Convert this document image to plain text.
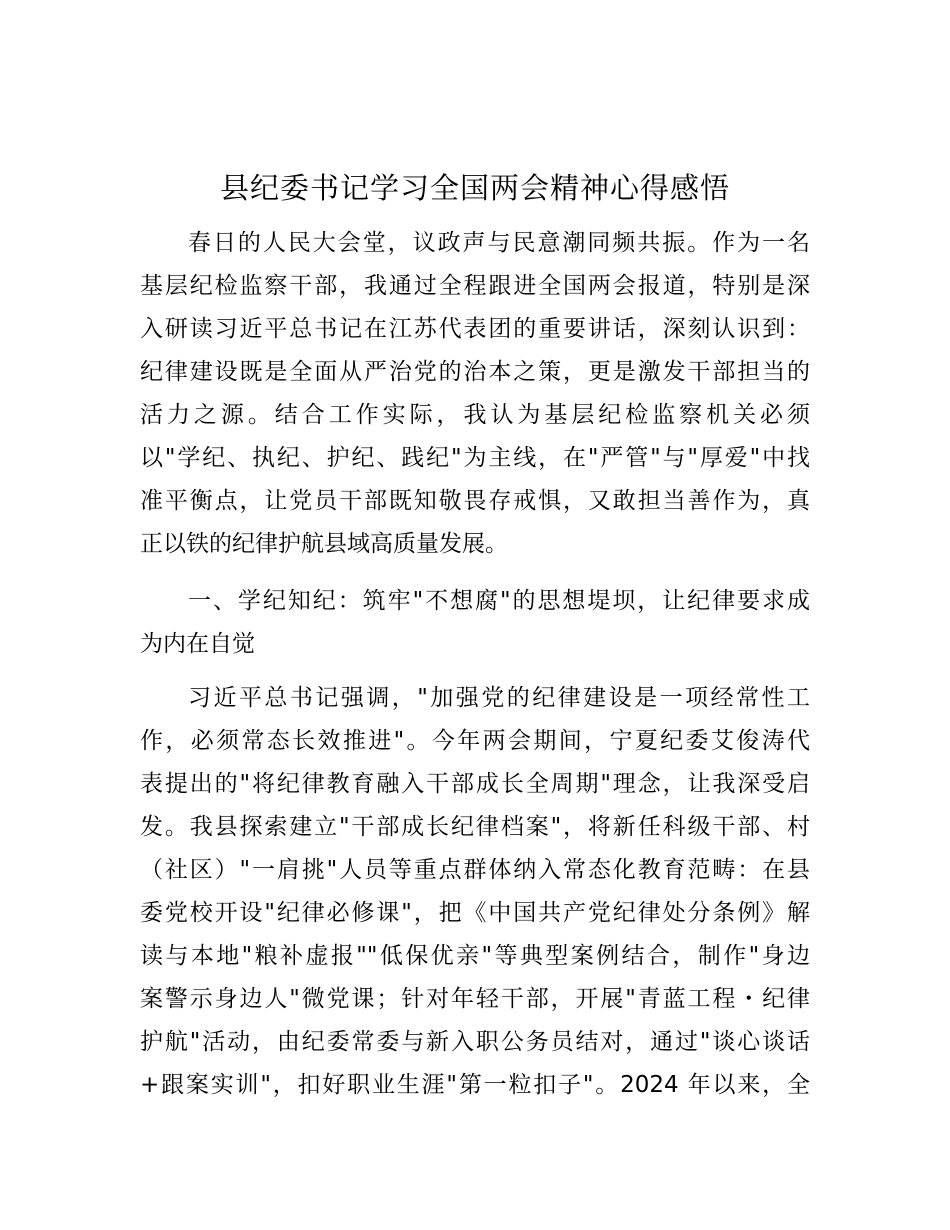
县纪委书记学习全国两会精神心得感悟
春日的人民大会堂，议政声与民意潮同频共振。作为一名
基层纪检监察干部，我通过全程跟进全国两会报道，特别是深
入研读习近平总书记在江苏代表团的重要讲话，深刻认识到：
纪律建设既是全面从严治党的治本之策，更是激发干部担当的
活力之源。结合工作实际，我认为基层纪检监察机关必须
以"学纪、执纪、护纪、践纪"为主线，在"严管"与"厚爱"中找
准平衡点，让党员干部既知敬畏存戒惧，又敢担当善作为，真
正以铁的纪律护航县域高质量发展。
一、学纪知纪：筑牢"不想腐"的思想堤坝，让纪律要求成
为内在自觉
习近平总书记强调，"加强党的纪律建设是一项经常性工
作，必须常态长效推进"。今年两会期间，宁夏纪委艾俊涛代
表提出的"将纪律教育融入干部成长全周期"理念，让我深受启
发。我县探索建立"干部成长纪律档案"，将新任科级干部、村
（社区）"一肩挑"人员等重点群体纳入常态化教育范畴：在县
委党校开设"纪律必修课"，把《中国共产党纪律处分条例》解
读与本地"粮补虚报""低保优亲"等典型案例结合，制作"身边
案警示身边人"微党课；针对年轻干部，开展"青蓝工程・纪律
护航"活动，由纪委常委与新入职公务员结对，通过"谈心谈话
+跟案实训"，扣好职业生涯"第一粒扣子"。2024 年以来，全
